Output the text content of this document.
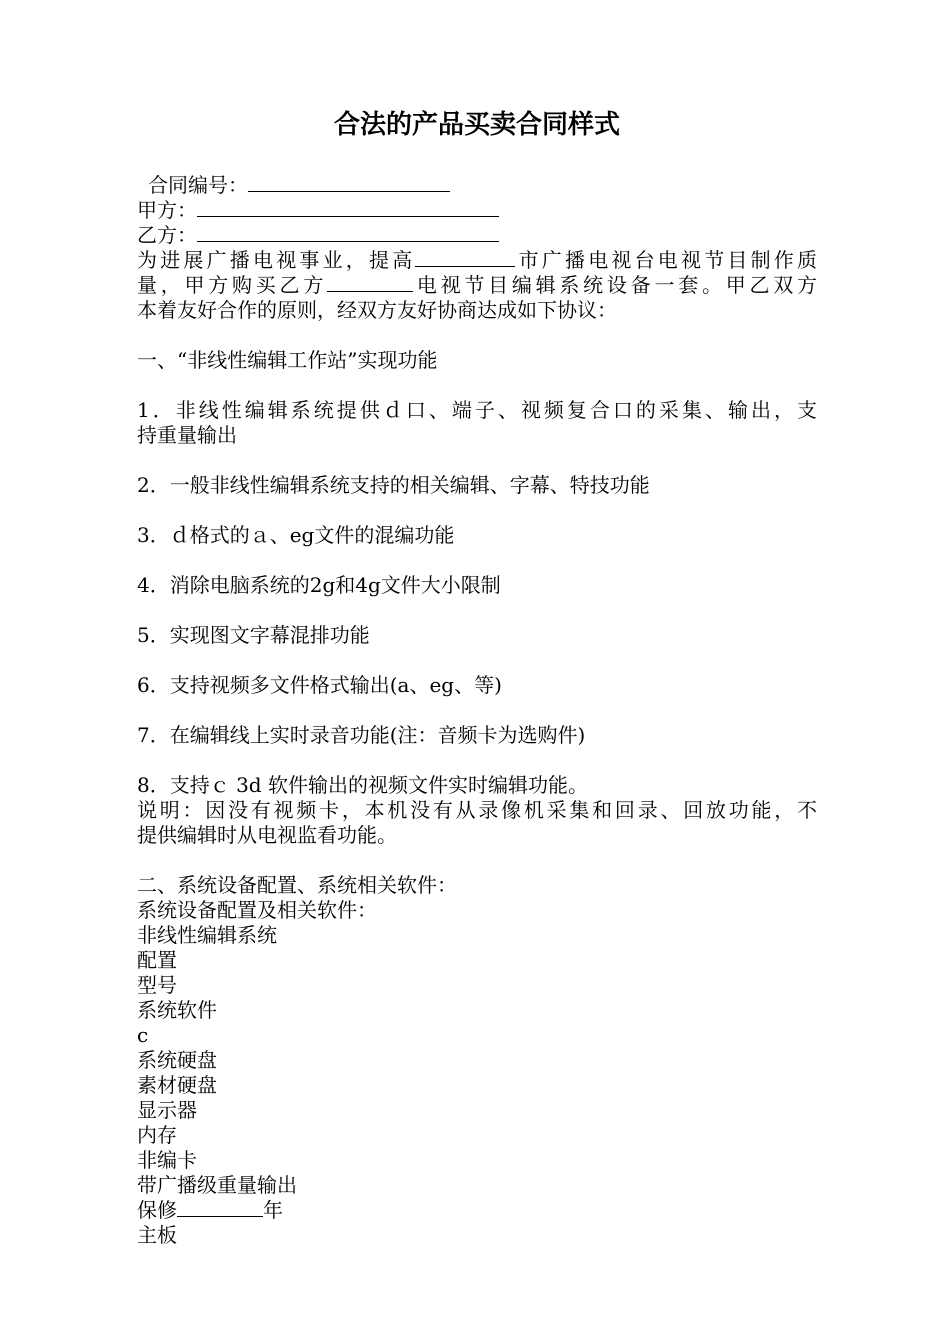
合法的产品买卖合同样式
合同编号：
甲方：
乙方：
为进展广播电视事业，提高	市广播电视台电视节目制作质
量，甲方购买乙方	电视节目编辑系统设备一套。甲乙双方
本着友好合作的原则，经双方友好协商达成如下协议：
一、“非线性编辑工作站”实现功能
1．非线性编辑系统提供ｄ口、端子、视频复合口的采集、输出，支
持重量输出
2．一般非线性编辑系统支持的相关编辑、字幕、特技功能
3．ｄ格式的ａ、eg文件的混编功能
4．消除电脑系统的2g和4g文件大小限制
5．实现图文字幕混排功能
6．支持视频多文件格式输出(a、eg、等)
7．在编辑线上实时录音功能(注：音频卡为选购件)
8．支持ｃ 3d 软件输出的视频文件实时编辑功能。
说明：因没有视频卡，本机没有从录像机采集和回录、回放功能，不
提供编辑时从电视监看功能。
二、系统设备配置、系统相关软件：
系统设备配置及相关软件：
非线性编辑系统
配置
型号
系统软件
c
系统硬盘
素材硬盘
显示器
内存
非编卡
带广播级重量输出
保修	年
主板
